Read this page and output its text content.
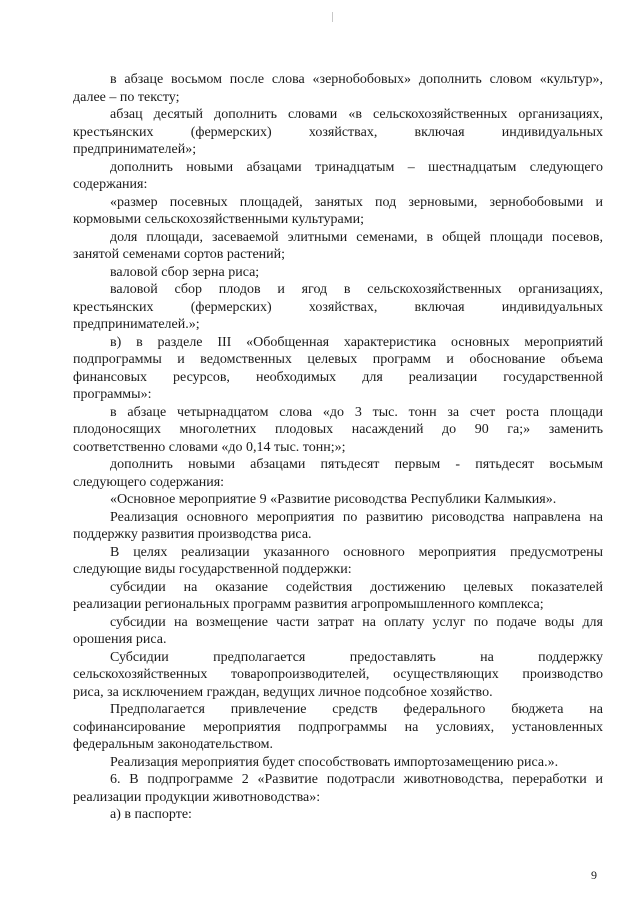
в абзаце восьмом после слова «зернобобовых» дополнить словом «культур»,
далее – по тексту;
абзац десятый дополнить словами «в сельскохозяйственных организациях,
крестьянских (фермерских) хозяйствах, включая индивидуальных
предпринимателей»;
дополнить новыми абзацами тринадцатым – шестнадцатым следующего
содержания:
«размер посевных площадей, занятых под зерновыми, зернобобовыми и
кормовыми сельскохозяйственными культурами;
доля площади, засеваемой элитными семенами, в общей площади посевов,
занятой семенами сортов растений;
валовой сбор зерна риса;
валовой сбор плодов и ягод в сельскохозяйственных организациях,
крестьянских (фермерских) хозяйствах, включая индивидуальных
предпринимателей.»;
в) в разделе III «Обобщенная характеристика основных мероприятий
подпрограммы и ведомственных целевых программ и обоснование объема
финансовых ресурсов, необходимых для реализации государственной
программы»:
в абзаце четырнадцатом слова «до 3 тыс. тонн за счет роста площади
плодоносящих многолетних плодовых насаждений до 90 га;» заменить
соответственно словами «до 0,14 тыс. тонн;»;
дополнить новыми абзацами пятьдесят первым - пятьдесят восьмым
следующего содержания:
«Основное мероприятие 9 «Развитие рисоводства Республики Калмыкия».
Реализация основного мероприятия по развитию рисоводства направлена на
поддержку развития производства риса.
В целях реализации указанного основного мероприятия предусмотрены
следующие виды государственной поддержки:
субсидии на оказание содействия достижению целевых показателей
реализации региональных программ развития агропромышленного комплекса;
субсидии на возмещение части затрат на оплату услуг по подаче воды для
орошения риса.
Субсидии предполагается предоставлять на поддержку
сельскохозяйственных товаропроизводителей, осуществляющих производство
риса, за исключением граждан, ведущих личное подсобное хозяйство.
Предполагается привлечение средств федерального бюджета на
софинансирование мероприятия подпрограммы на условиях, установленных
федеральным законодательством.
Реализация мероприятия будет способствовать импортозамещению риса.».
6. В подпрограмме 2 «Развитие подотрасли животноводства, переработки и
реализации продукции животноводства»:
а) в паспорте:
9
